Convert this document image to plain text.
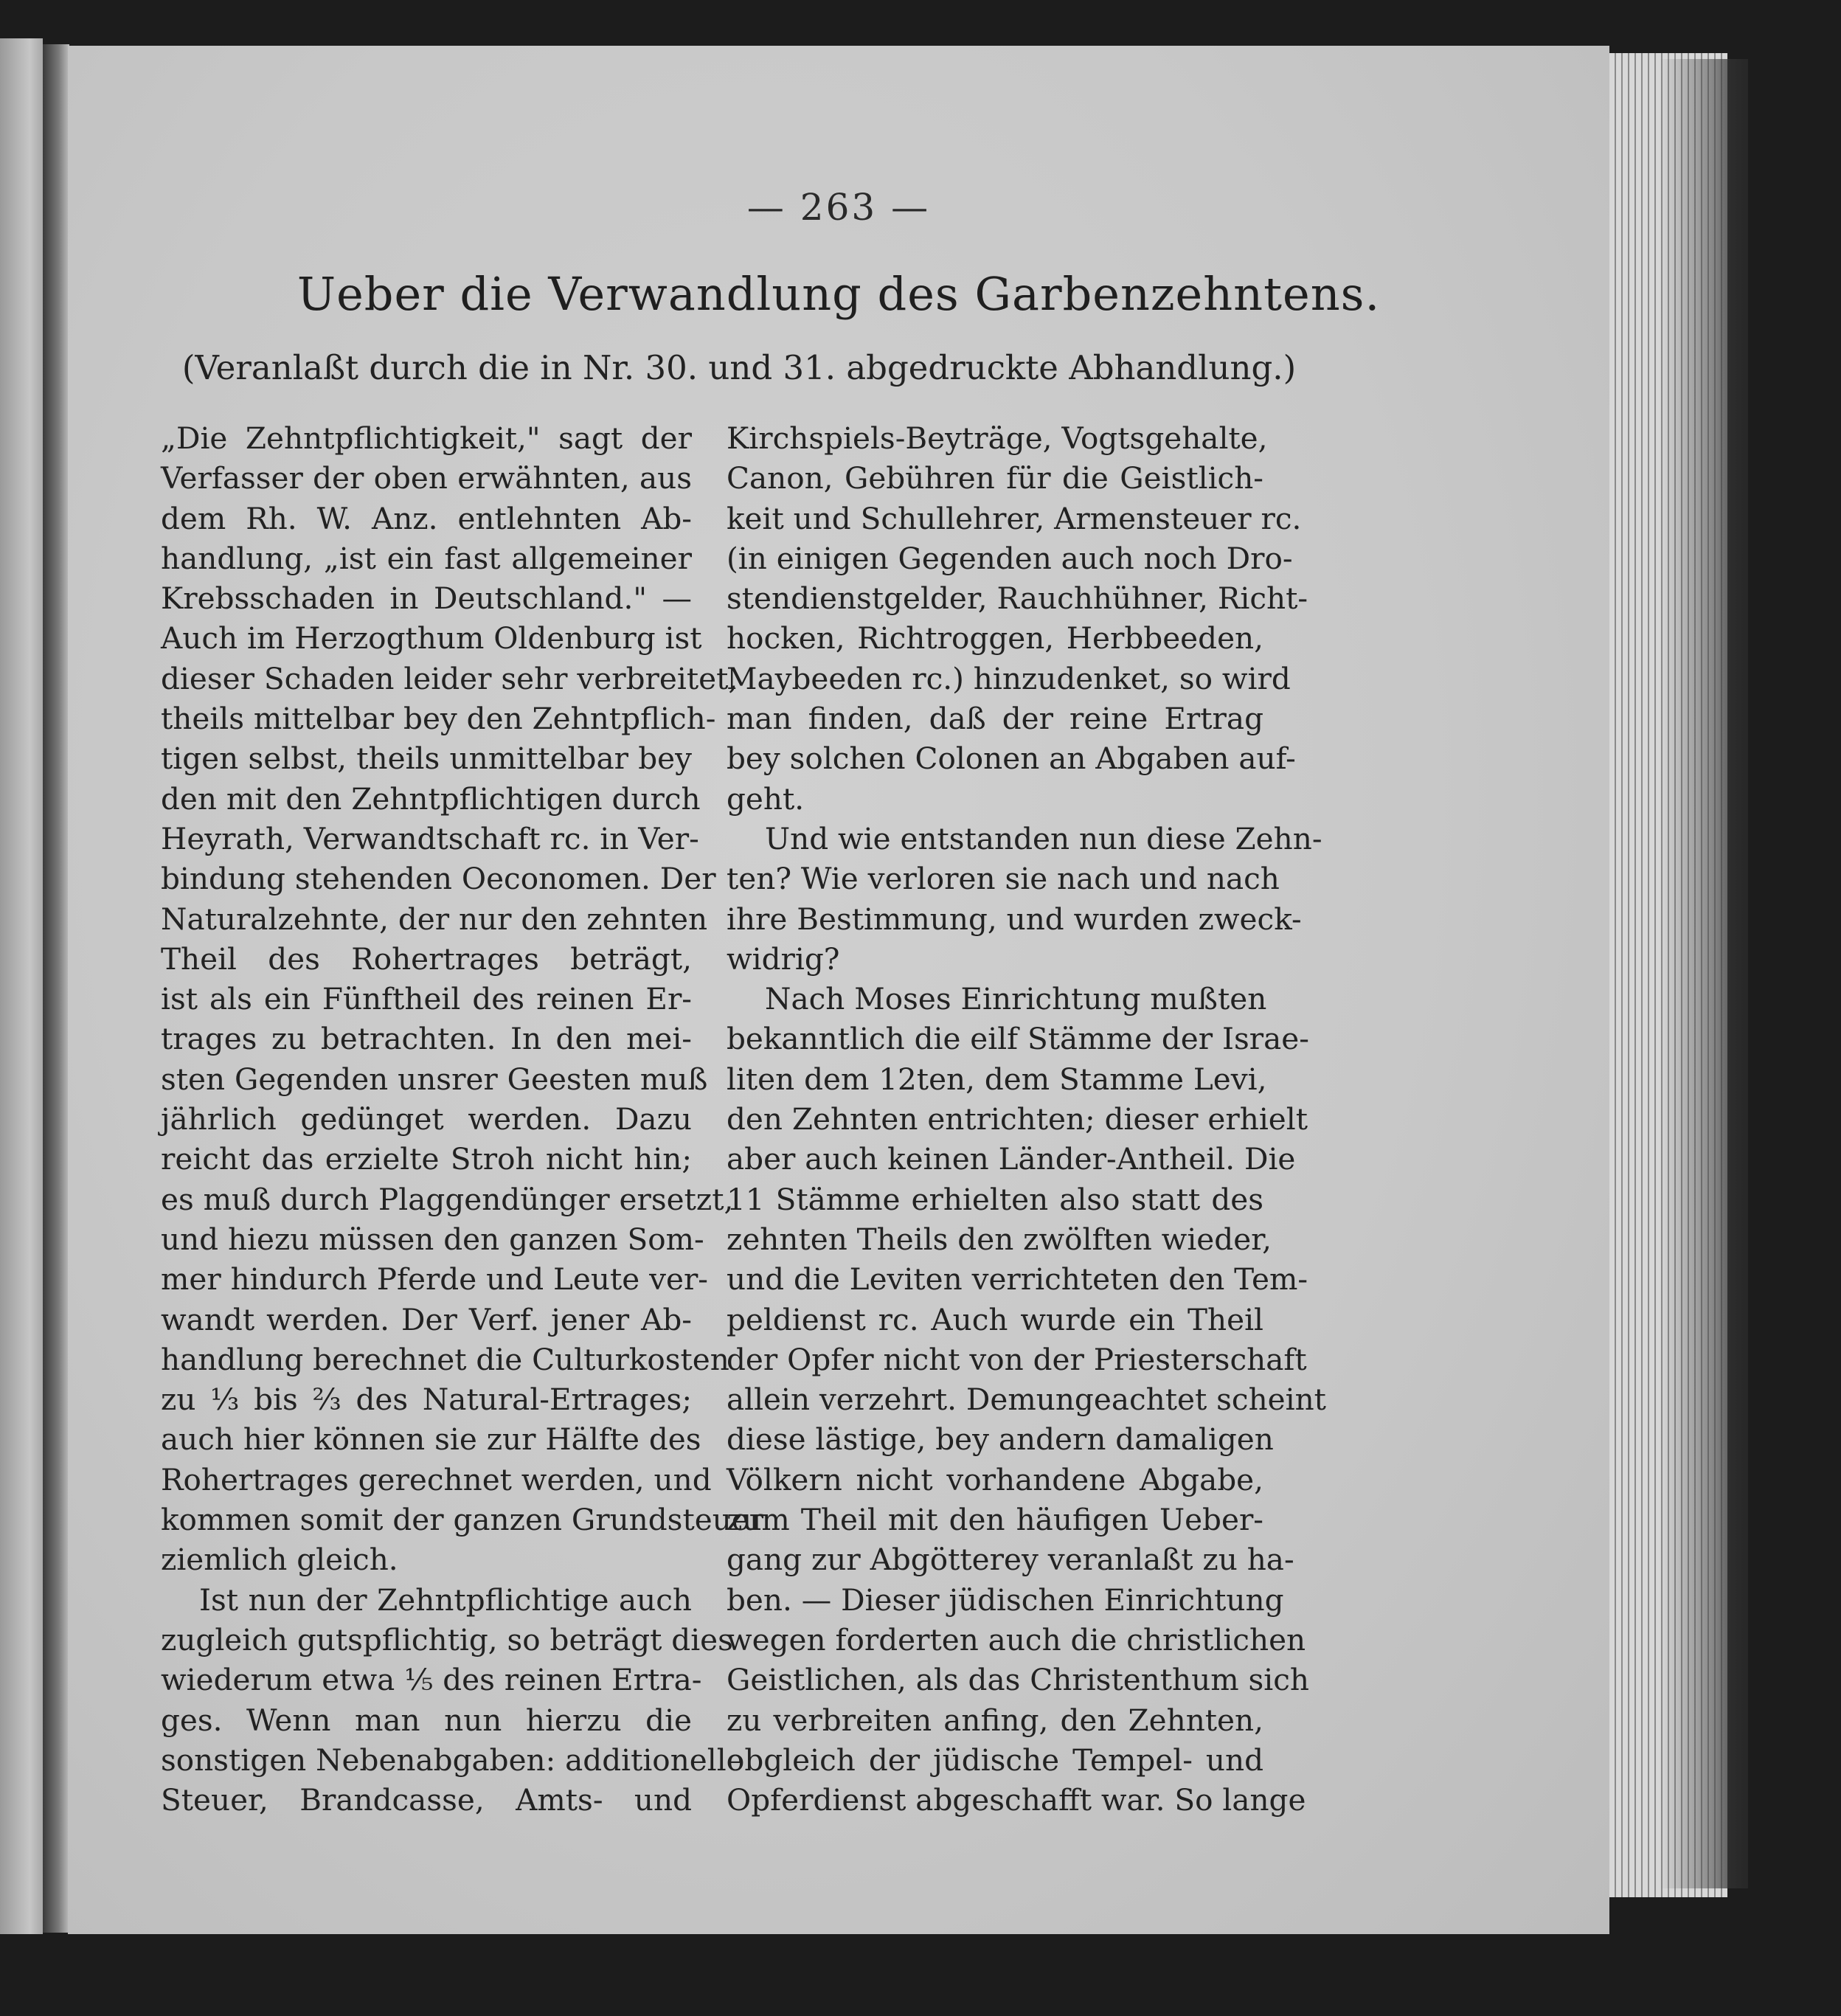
— 263 —
Ueber die Verwandlung des Garbenzehntens.
(Veranlaßt durch die in Nr. 30. und 31. abgedruckte Abhandlung.)
„Die Zehntpflichtigkeit," sagt der
Verfasser der oben erwähnten, aus
dem Rh. W. Anz. entlehnten Ab-
handlung, „ist ein fast allgemeiner
Krebsschaden in Deutschland." —
Auch im Herzogthum Oldenburg ist
dieser Schaden leider sehr verbreitet,
theils mittelbar bey den Zehntpflich-
tigen selbst, theils unmittelbar bey
den mit den Zehntpflichtigen durch
Heyrath, Verwandtschaft rc. in Ver-
bindung stehenden Oeconomen. Der
Naturalzehnte, der nur den zehnten
Theil des Rohertrages beträgt,
ist als ein Fünftheil des reinen Er-
trages zu betrachten. In den mei-
sten Gegenden unsrer Geesten muß
jährlich gedünget werden. Dazu
reicht das erzielte Stroh nicht hin;
es muß durch Plaggendünger ersetzt,
und hiezu müssen den ganzen Som-
mer hindurch Pferde und Leute ver-
wandt werden. Der Verf. jener Ab-
handlung berechnet die Culturkosten
zu ⅓ bis ⅔ des Natural-Ertrages;
auch hier können sie zur Hälfte des
Rohertrages gerechnet werden, und
kommen somit der ganzen Grundsteuer
ziemlich gleich.
Ist nun der Zehntpflichtige auch
zugleich gutspflichtig, so beträgt dies
wiederum etwa ⅕ des reinen Ertra-
ges. Wenn man nun hierzu die
sonstigen Nebenabgaben: additionelle
Steuer, Brandcasse, Amts- und
Kirchspiels-Beyträge, Vogtsgehalte,
Canon, Gebühren für die Geistlich-
keit und Schullehrer, Armensteuer rc.
(in einigen Gegenden auch noch Dro-
stendienstgelder, Rauchhühner, Richt-
hocken, Richtroggen, Herbbeeden,
Maybeeden rc.) hinzudenket, so wird
man finden, daß der reine Ertrag
bey solchen Colonen an Abgaben auf-
geht.
Und wie entstanden nun diese Zehn-
ten? Wie verloren sie nach und nach
ihre Bestimmung, und wurden zweck-
widrig?
Nach Moses Einrichtung mußten
bekanntlich die eilf Stämme der Israe-
liten dem 12ten, dem Stamme Levi,
den Zehnten entrichten; dieser erhielt
aber auch keinen Länder-Antheil. Die
11 Stämme erhielten also statt des
zehnten Theils den zwölften wieder,
und die Leviten verrichteten den Tem-
peldienst rc. Auch wurde ein Theil
der Opfer nicht von der Priesterschaft
allein verzehrt. Demungeachtet scheint
diese lästige, bey andern damaligen
Völkern nicht vorhandene Abgabe,
zum Theil mit den häufigen Ueber-
gang zur Abgötterey veranlaßt zu ha-
ben. — Dieser jüdischen Einrichtung
wegen forderten auch die christlichen
Geistlichen, als das Christenthum sich
zu verbreiten anfing, den Zehnten,
obgleich der jüdische Tempel- und
Opferdienst abgeschafft war. So lange
